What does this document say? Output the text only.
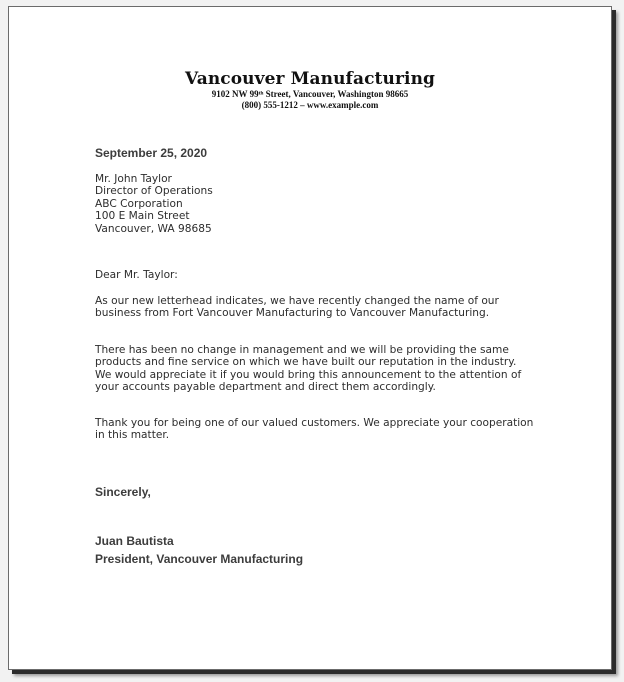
Vancouver Manufacturing
9102 NW 99ᵗʰ Street, Vancouver, Washington 98665
(800) 555-1212 – www.example.com
September 25, 2020
Mr. John Taylor
Director of Operations
ABC Corporation
100 E Main Street
Vancouver, WA 98685
Dear Mr. Taylor:
As our new letterhead indicates, we have recently changed the name of our business from Fort Vancouver Manufacturing to Vancouver Manufacturing.
There has been no change in management and we will be providing the same products and fine service on which we have built our reputation in the industry. We would appreciate it if you would bring this announcement to the attention of your accounts payable department and direct them accordingly.
Thank you for being one of our valued customers. We appreciate your cooperation in this matter.
Sincerely,
Juan Bautista
President, Vancouver Manufacturing
